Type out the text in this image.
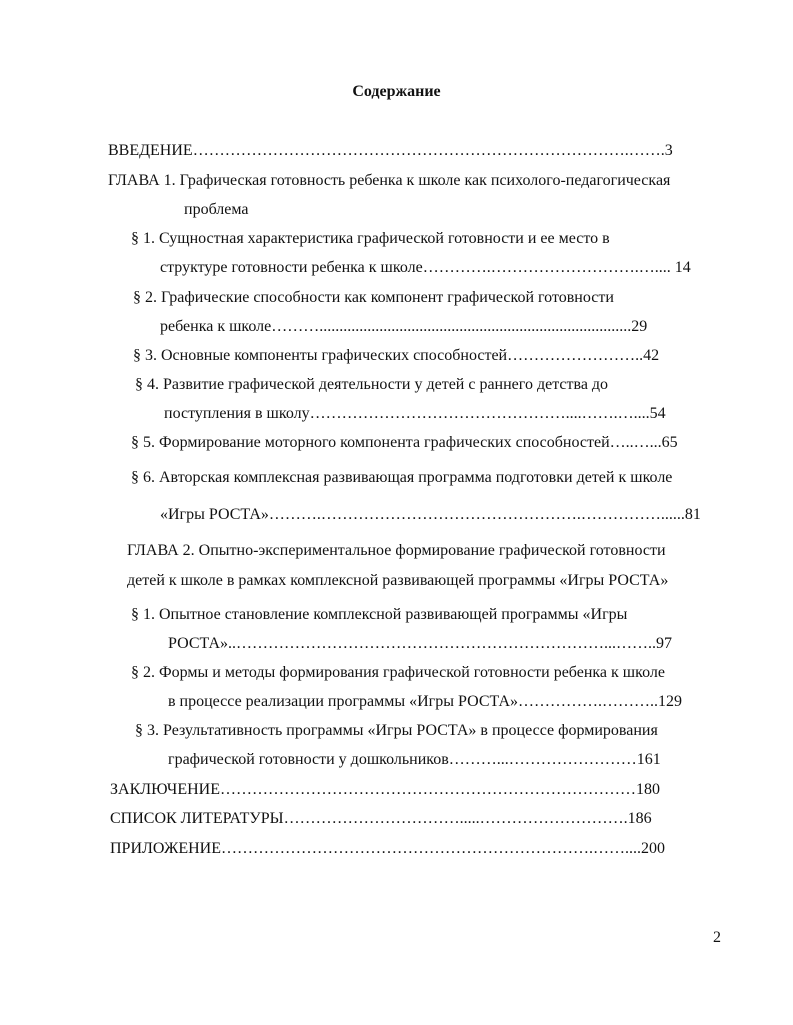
Содержание
ВВЕДЕНИЕ……………………………………………………………………….…….3
ГЛАВА 1. Графическая готовность ребенка к школе как психолого-педагогическая
проблема
§ 1. Сущностная характеристика графической готовности и ее место в
структуре готовности ребенка к школе………….……………………….….... 14
§ 2. Графические способности как компонент графической готовности
ребенка к школе………..............................................................................29
§ 3. Основные компоненты графических способностей……………………..42
§ 4. Развитие графической деятельности у детей с раннего детства до
поступления в школу…………………………………………....…….…....54
§ 5. Формирование моторного компонента графических способностей…..…...65
§ 6. Авторская комплексная развивающая программа подготовки детей к школе
«Игры РОСТА»……….………………………………………….……………......81
ГЛАВА 2. Опытно-экспериментальное формирование графической готовности
детей к школе в рамках комплексной развивающей программы «Игры РОСТА»
§ 1. Опытное становление комплексной развивающей программы «Игры
РОСТА»..……………………………………………………………...……..97
§ 2. Формы и методы формирования графической готовности ребенка к школе
в процессе реализации программы «Игры РОСТА»…………….………..129
§ 3. Результативность программы «Игры РОСТА» в процессе формирования
графической готовности у дошкольников………...……………………161
ЗАКЛЮЧЕНИЕ……………………………………………………………………180
СПИСОК ЛИТЕРАТУРЫ…………………………….....……………………….186
ПРИЛОЖЕНИЕ…………………………………………………………….……....200
2
